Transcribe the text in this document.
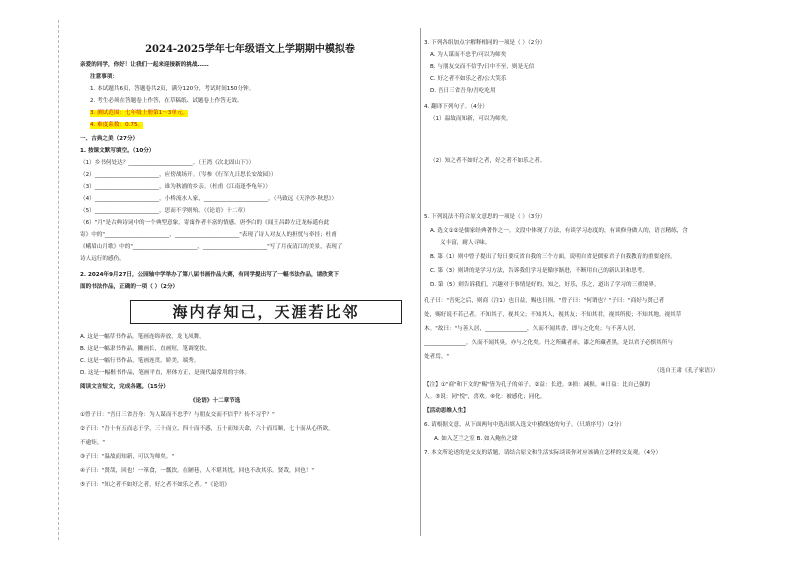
2024-2025学年七年级语文上学期期中模拟卷
亲爱的同学，你好！让我们一起来迎接新的挑战……
注意事项：
1. 本试题共6页，答题卷共2页，满分120分，考试时间150分钟。
2. 考生必须在答题卷上作答，在草稿纸、试题卷上作答无效。
3. 测试范围：七年级上册第1～3单元。
4. 难度系数：0.75。
一、古典之美（27分）
1. 按课文默写填空。（10分）
（1）乡书何处达？_______________________。（王湾《次北固山下》）
（2）_______________________，应傍战场开。（岑参《行军九日思长安故园》）
（3）_______________________，谁为秋浦的乡亲。（杜甫《江南逢李龟年》）
（4）_______________________，小桥流水人家，_______________________。（马致远《天净沙·秋思》）
（5）_______________________，思而不学则殆。（《论语》十二章）
（6）"月"是古典诗词中的一个典型意象，寄寓作者丰富的情感。唐李白的《闻王昌龄左迁龙标遥有此
寄》中的"_______________________，_______________________"表现了诗人对友人的担忧与牵挂；杜甫
《峨眉山月歌》中的"_______________________，_______________________"写了月夜清江的美景，表现了
诗人远行的感伤。
2. 2024年9月27日，公园轴中学举办了第八届书画作品大赛，有同学提出写了一幅书法作品，请欣赏下
面的书法作品，正确的一项（ ）（2分）
海内存知己，天涯若比邻
A. 这是一幅草书作品，笔画连绵奔放，龙飞凤舞。
B. 这是一幅隶书作品，撇画长，直画短，笔调宽扶。
C. 这是一幅行书作品，笔画连贯，娇美，端秀。
D. 这是一幅楷书作品，笔画平直，形体方正，是现代最常用的字体。
阅读文言短文，完成各题。（15分）
《论语》十二章节选
①曾子曰："吾日三省吾身：为人谋而不忠乎？与朋友交而不信乎？传不习乎？"
②子曰："吾十有五而志于学，三十而立，四十而不惑，五十而知天命，六十而耳顺，七十而从心所欲，
不逾矩。"
③子曰："温故而知新，可以为师矣。"
④子曰："贤哉，回也！一箪食，一瓢饮，在陋巷，人不堪其忧，回也不改其乐。贤哉，回也！"
⑤子曰："知之者不如好之者，好之者不如乐之者。"《论语》
3. 下列各组加点字解释相同的一项是（ ）（2分）
A. 为人谋而不忠乎/可以为师矣
B. 与朋友交而不信乎/日中不至，则是无信
C. 好之者不如乐之者/公大笑乐
D. 吾日三省吾身/吾吃吃用
4. 翻译下列句子。（4分）
（1）温故而知新，可以为师矣。
（2）知之者不如好之者，好之者不如乐之者。
5. 下列说法不符合原文意思的一项是（ ）（3分）
A. 选文①②是儒家经典著作之一。文段中体现了方法，有谈学习态度的，有谈修身做人的，语言精练，含
义丰富，耐人寻味。
B. 第（1）则中曾子提出了每日要反省自我的三个方面，说明自省是儒家君子自我教育的重要途径。
C. 第（3）则讲的是学习方法，告诉我们学习是循序渐进，不断用自己的新认识和思考。
D. 第（5）则告诉我们，兴趣对于事情是好的，知之，好乐，乐之，道出了学习的三重境界。
孔子曰："吾死之后，则商（注1）也日益，赐也日损。"曾子曰："何谓也？"子曰："商好与贤己者
处，赐好说不若己者。不知其子，视其父；不知其人，视其友；不知其君，视其所使；不知其地，视其草
木。"故曰："与善人居，_______________，久而不闻其香，即与之化矣；与不善人居，
_______________，久而不闻其臭，亦与之化矣。丹之所藏者赤，漆之所藏者黑，是以君子必慎其所与
处者焉。"
（选自王肃《孔子家语》）
【注】①"商"和下文的"赐"皆为孔子的弟子。②益：长进。③损：减损。④日益：比自己强的
人。⑤说：同"悦"，喜欢。⑥化：被感化；同化。
【活动思维人生】
6. 请根据文意，从下面两句中选出填入选文中横线处的句子。（只填序号）（2分）
A. 如入芝兰之室 B. 如入鲍鱼之肆
7. 本文所论述的是交友的话题，请结合原文和生活实际谈谈你对应该确立怎样的交友观。（4分）
